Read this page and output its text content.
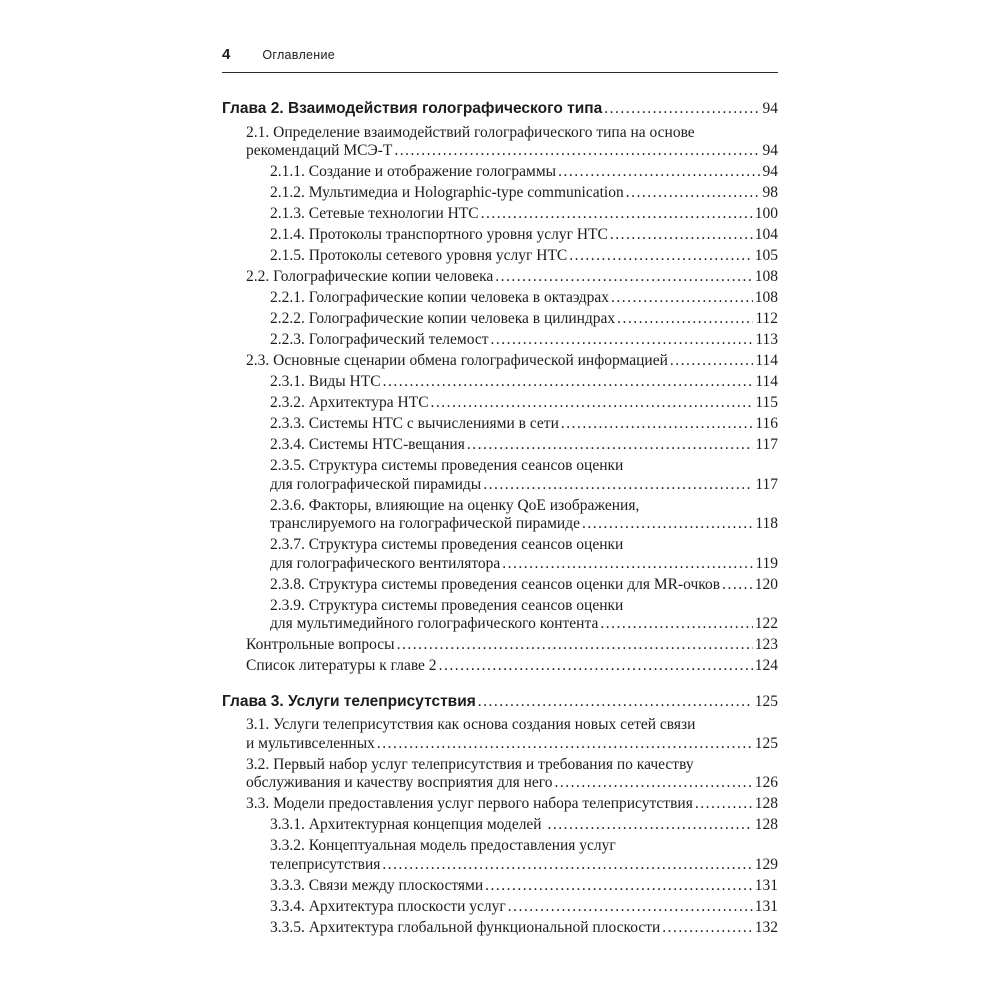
4	Оглавление
Глава 2. Взаимодействия голографического типа .....	94
2.1. Определение взаимодействий голографического типа на основе
рекомендаций МСЭ-Т .....	94
2.1.1. Создание и отображение голограммы .....	94
2.1.2. Мультимедиа и Holographic-type communication .....	98
2.1.3. Сетевые технологии HTC .....	100
2.1.4. Протоколы транспортного уровня услуг HTC .....	104
2.1.5. Протоколы сетевого уровня услуг HTC .....	105
2.2. Голографические копии человека .....	108
2.2.1. Голографические копии человека в октаэдрах .....	108
2.2.2. Голографические копии человека в цилиндрах .....	112
2.2.3. Голографический телемост .....	113
2.3. Основные сценарии обмена голографической информацией .....	114
2.3.1. Виды HTC .....	114
2.3.2. Архитектура HTC .....	115
2.3.3. Системы HTC с вычислениями в сети .....	116
2.3.4. Системы HTC-вещания .....	117
2.3.5. Структура системы проведения сеансов оценки
для голографической пирамиды .....	117
2.3.6. Факторы, влияющие на оценку QoE изображения,
транслируемого на голографической пирамиде .....	118
2.3.7. Структура системы проведения сеансов оценки
для голографического вентилятора .....	119
2.3.8. Структура системы проведения сеансов оценки для MR-очков ..... 120
2.3.9. Структура системы проведения сеансов оценки
для мультимедийного голографического контента .....	122
Контрольные вопросы .....	123
Список литературы к главе 2 .....	124
Глава 3. Услуги телеприсутствия .....	125
3.1. Услуги телеприсутствия как основа создания новых сетей связи
и мультивселенных .....	125
3.2. Первый набор услуг телеприсутствия и требования по качеству
обслуживания и качеству восприятия для него .....	126
3.3. Модели предоставления услуг первого набора телеприсутствия .....	128
3.3.1. Архитектурная концепция моделей .....	128
3.3.2. Концептуальная модель предоставления услуг
телеприсутствия .....	129
3.3.3. Связи между плоскостями .....	131
3.3.4. Архитектура плоскости услуг .....	131
3.3.5. Архитектура глобальной функциональной плоскости .....	132
